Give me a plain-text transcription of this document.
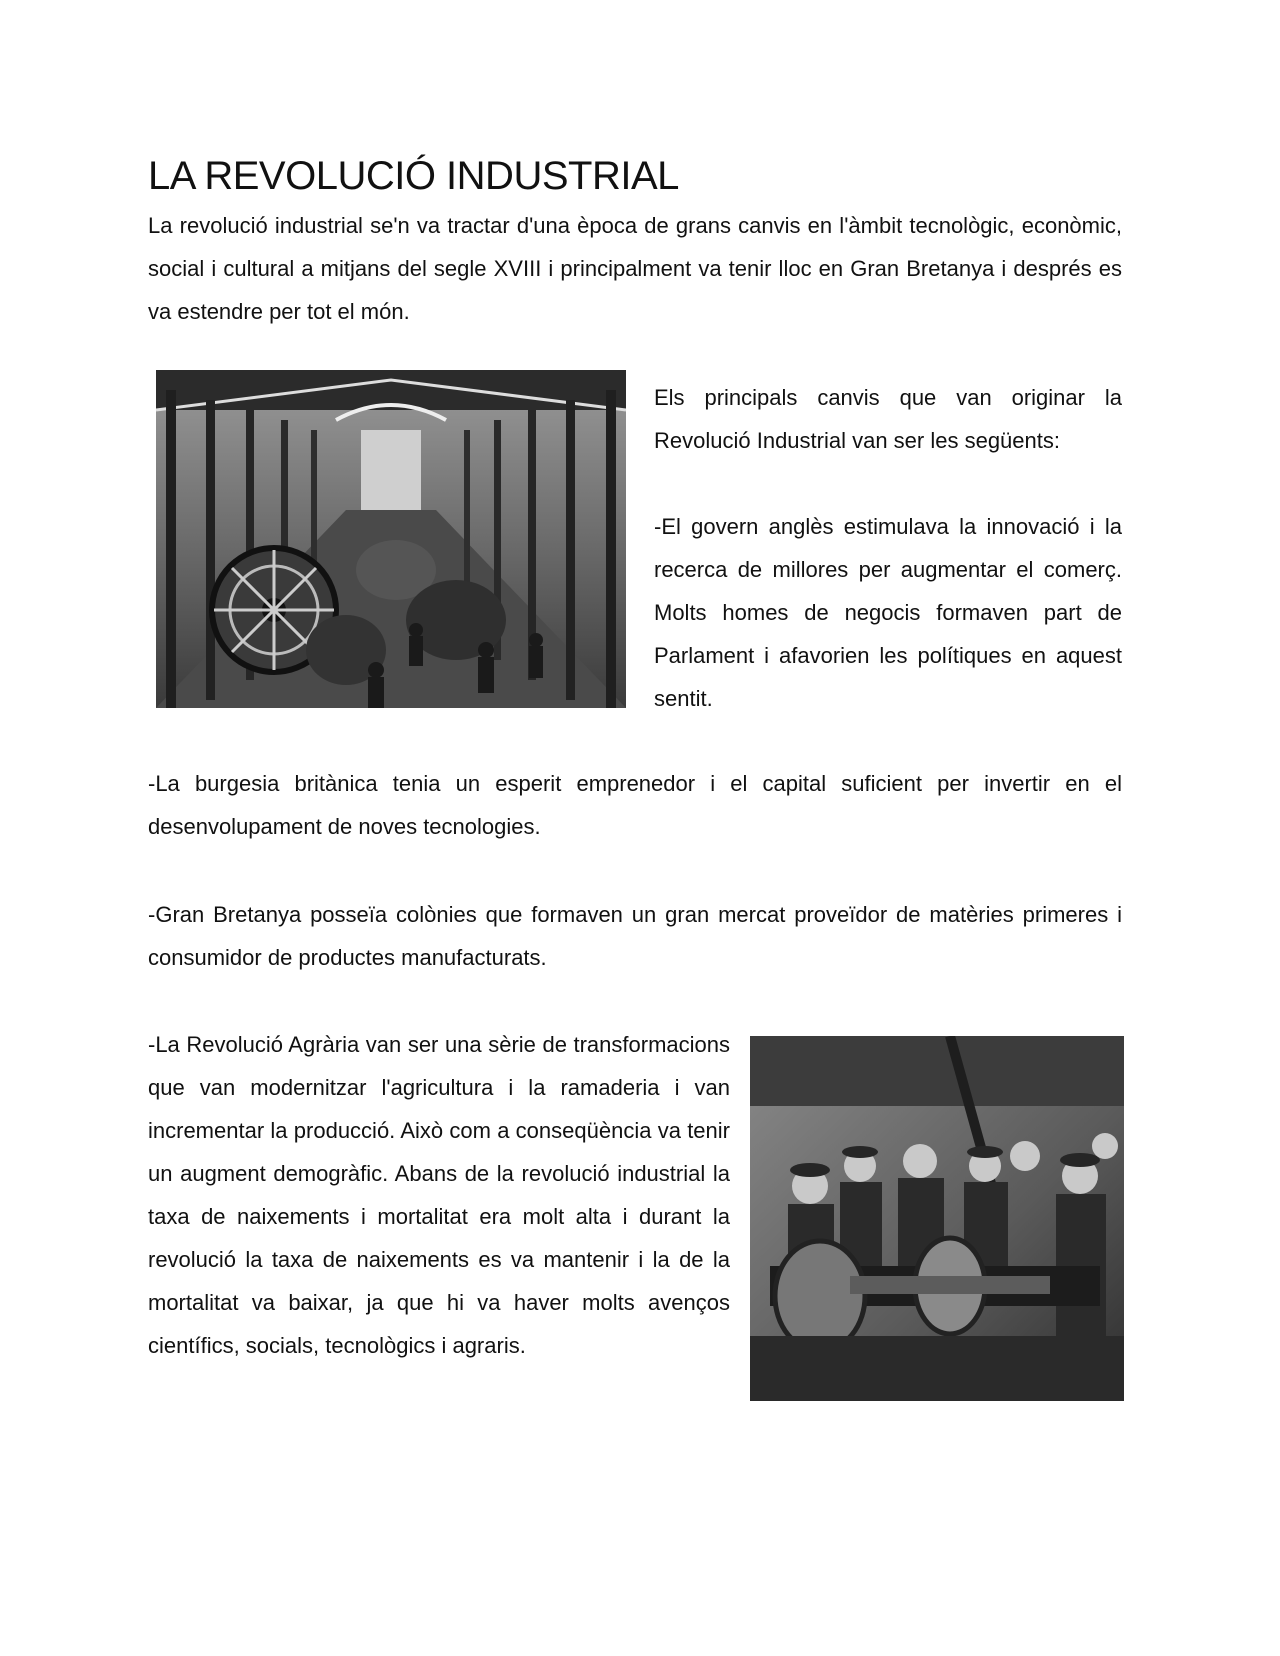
LA REVOLUCIÓ INDUSTRIAL

La revolució industrial se'n va tractar d'una època de grans canvis en l'àmbit tecnològic, econòmic, social i cultural a mitjans del segle XVIII i principalment va tenir lloc en Gran Bretanya i després es va estendre per tot el món.

Els principals canvis que van originar la Revolució Industrial van ser les següents:

-El govern anglès estimulava la innovació i la recerca de millores per augmentar el comerç. Molts homes de negocis formaven part de Parlament i afavorien les polítiques en aquest sentit.

-La burgesia britànica tenia un esperit emprenedor i el capital suficient per invertir en el desenvolupament de noves tecnologies.

-Gran Bretanya posseïa colònies que formaven un gran mercat proveïdor de matèries primeres i consumidor de productes manufacturats.

-La Revolució Agrària van ser una sèrie de transformacions que van modernitzar l'agricultura i la ramaderia i van incrementar la producció. Això com a conseqüència va tenir un augment demogràfic. Abans de la revolució industrial la taxa de naixements i mortalitat era molt alta i durant la revolució la taxa de naixements es va mantenir i la de la mortalitat va baixar, ja que hi va haver molts avenços científics, socials, tecnològics i agraris.
